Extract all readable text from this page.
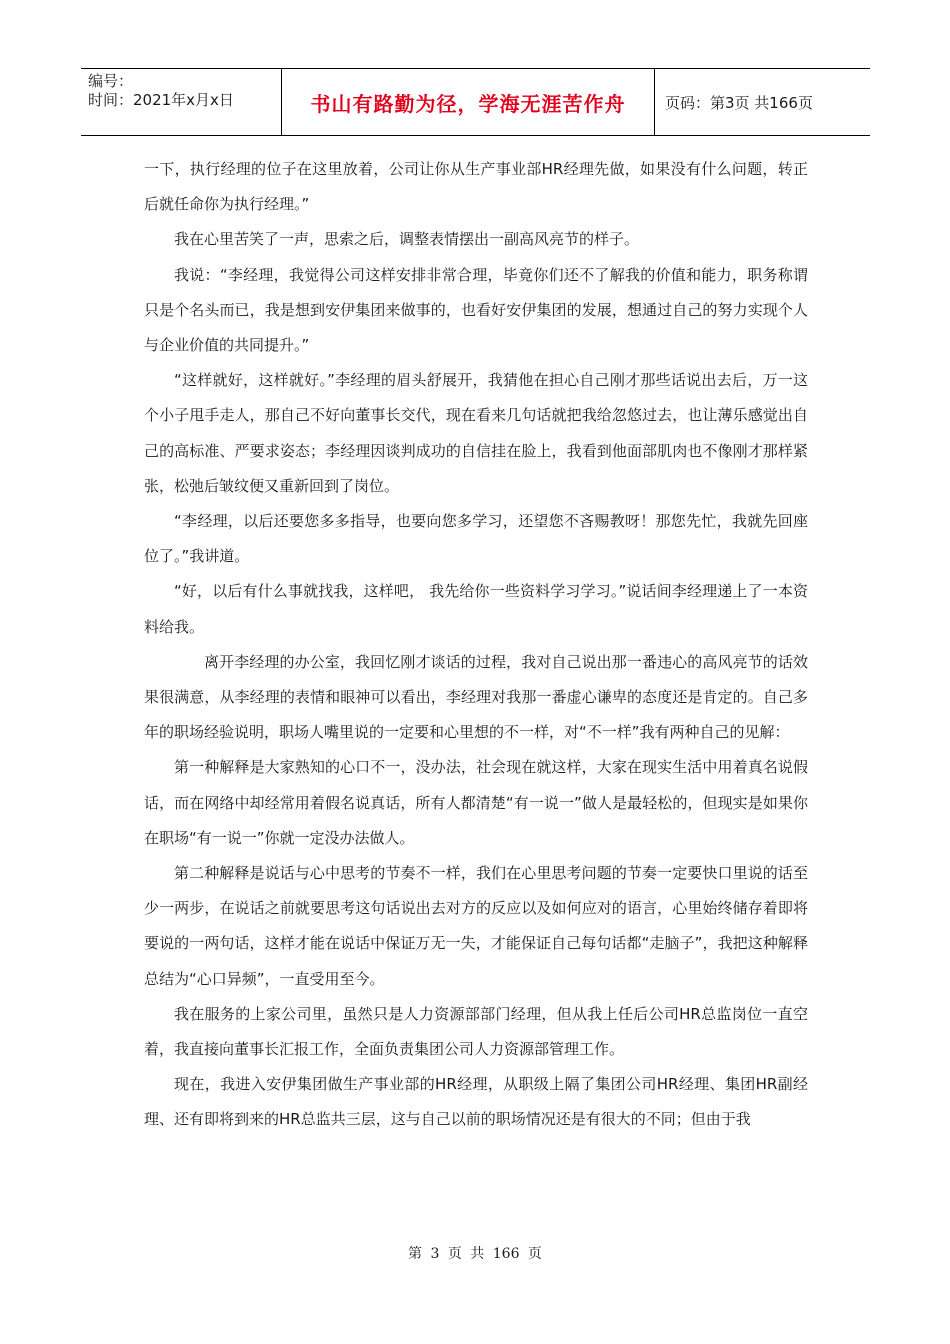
编号：
时间：2021年x月x日	书山有路勤为径，学海无涯苦作舟	页码：第3页 共166页

一下，执行经理的位子在这里放着，公司让你从生产事业部HR经理先做，如果没有什么问题，转正后就任命你为执行经理。”

我在心里苦笑了一声，思索之后，调整表情摆出一副高风亮节的样子。

我说：“李经理，我觉得公司这样安排非常合理，毕竟你们还不了解我的价值和能力，职务称谓只是个名头而已，我是想到安伊集团来做事的，也看好安伊集团的发展，想通过自己的努力实现个人与企业价值的共同提升。”

“这样就好，这样就好。”李经理的眉头舒展开，我猜他在担心自己刚才那些话说出去后，万一这个小子甩手走人，那自己不好向董事长交代，现在看来几句话就把我给忽悠过去，也让薄乐感觉出自己的高标准、严要求姿态；李经理因谈判成功的自信挂在脸上，我看到他面部肌肉也不像刚才那样紧张，松弛后皱纹便又重新回到了岗位。

“李经理，以后还要您多多指导，也要向您多学习，还望您不吝赐教呀！那您先忙，我就先回座位了。”我讲道。

“好，以后有什么事就找我，这样吧， 我先给你一些资料学习学习。”说话间李经理递上了一本资料给我。

离开李经理的办公室，我回忆刚才谈话的过程，我对自己说出那一番违心的高风亮节的话效果很满意，从李经理的表情和眼神可以看出，李经理对我那一番虚心谦卑的态度还是肯定的。自己多年的职场经验说明，职场人嘴里说的一定要和心里想的不一样，对“不一样”我有两种自己的见解：

第一种解释是大家熟知的心口不一，没办法，社会现在就这样，大家在现实生活中用着真名说假话，而在网络中却经常用着假名说真话，所有人都清楚“有一说一”做人是最轻松的，但现实是如果你在职场“有一说一”你就一定没办法做人。

第二种解释是说话与心中思考的节奏不一样，我们在心里思考问题的节奏一定要快口里说的话至少一两步，在说话之前就要思考这句话说出去对方的反应以及如何应对的语言，心里始终储存着即将要说的一两句话，这样才能在说话中保证万无一失，才能保证自己每句话都“走脑子”，我把这种解释总结为“心口异频”，一直受用至今。

我在服务的上家公司里，虽然只是人力资源部部门经理，但从我上任后公司HR总监岗位一直空着，我直接向董事长汇报工作，全面负责集团公司人力资源部管理工作。

现在，我进入安伊集团做生产事业部的HR经理，从职级上隔了集团公司HR经理、集团HR副经理、还有即将到来的HR总监共三层，这与自己以前的职场情况还是有很大的不同；但由于我

第 3 页 共 166 页
